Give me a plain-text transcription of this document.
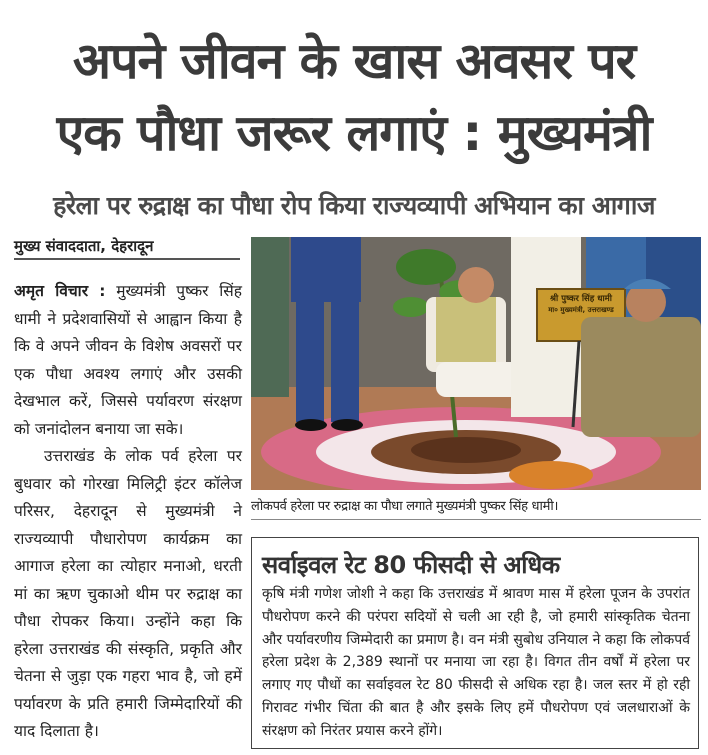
अपने जीवन के खास अवसर पर
एक पौधा जरूर लगाएं : मुख्यमंत्री
हरेला पर रुद्राक्ष का पौधा रोप किया राज्यव्यापी अभियान का आगाज
मुख्य संवाददाता, देहरादून

अमृत विचार : मुख्यमंत्री पुष्कर सिंह धामी ने प्रदेशवासियों से आह्वान किया है कि वे अपने जीवन के विशेष अवसरों पर एक पौधा अवश्य लगाएं और उसकी देखभाल करें, जिससे पर्यावरण संरक्षण को जनांदोलन बनाया जा सके।

उत्तराखंड के लोक पर्व हरेला पर बुधवार को गोरखा मिलिट्री इंटर कॉलेज परिसर, देहरादून से मुख्यमंत्री ने राज्यव्यापी पौधारोपण कार्यक्रम का आगाज हरेला का त्योहार मनाओ, धरती मां का ऋण चुकाओ थीम पर रुद्राक्ष का पौधा रोपकर किया। उन्होंने कहा कि हरेला उत्तराखंड की संस्कृति, प्रकृति और चेतना से जुड़ा एक गहरा भाव है, जो हमें पर्यावरण के प्रति हमारी जिम्मेदारियों की याद दिलाता है।

श्री पुष्कर सिंह धामी
मा० मुख्यमंत्री, उत्तराखण्ड
लोकपर्व हरेला पर रुद्राक्ष का पौधा लगाते मुख्यमंत्री पुष्कर सिंह धामी।
सर्वाइवल रेट 80 फीसदी से अधिक

कृषि मंत्री गणेश जोशी ने कहा कि उत्तराखंड में श्रावण मास में हरेला पूजन के उपरांत पौधरोपण करने की परंपरा सदियों से चली आ रही है, जो हमारी सांस्कृतिक चेतना और पर्यावरणीय जिम्मेदारी का प्रमाण है। वन मंत्री सुबोध उनियाल ने कहा कि लोकपर्व हरेला प्रदेश के 2,389 स्थानों पर मनाया जा रहा है। विगत तीन वर्षों में हरेला पर लगाए गए पौधों का सर्वाइवल रेट 80 फीसदी से अधिक रहा है। जल स्तर में हो रही गिरावट गंभीर चिंता की बात है और इसके लिए हमें पौधरोपण एवं जलधाराओं के संरक्षण को निरंतर प्रयास करने होंगे।
